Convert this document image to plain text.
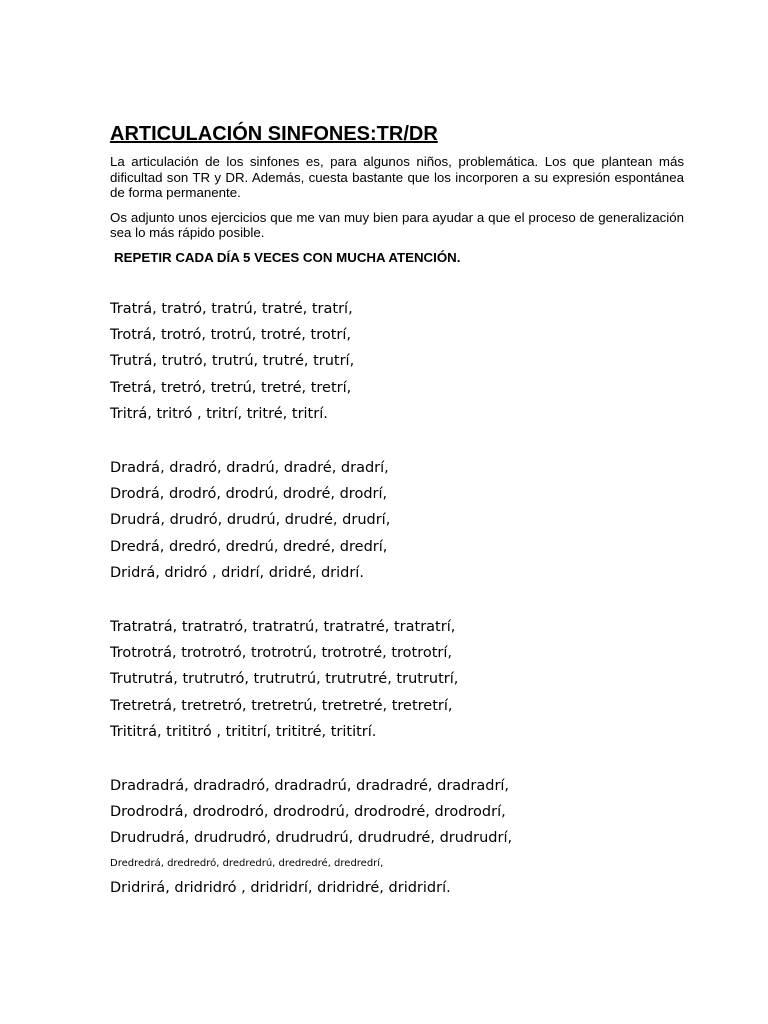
ARTICULACIÓN SINFONES:TR/DR

La articulación de los sinfones es, para algunos niños, problemática. Los que plantean más dificultad son TR y DR. Además, cuesta bastante que los incorporen a su expresión espontánea de forma permanente.

Os adjunto unos ejercicios que me van muy bien para ayudar a que el proceso de generalización sea lo más rápido posible.

REPETIR CADA DÍA 5 VECES CON MUCHA ATENCIÓN.
Tratrá, tratró, tratrú, tratré, tratrí,
Trotrá, trotró, trotrú, trotré, trotrí,
Trutrá, trutró, trutrú, trutré, trutrí,
Tretrá, tretró, tretrú, tretré, tretrí,
Tritrá, tritró , tritrí, tritré, tritrí.
Dradrá, dradró, dradrú, dradré, dradrí,
Drodrá, drodró, drodrú, drodré, drodrí,
Drudrá, drudró, drudrú, drudré, drudrí,
Dredrá, dredró, dredrú, dredré, dredrí,
Dridrá, dridró , dridrí, dridré, dridrí.
Tratratrá, tratratró, tratratrú, tratratré, tratratrí,
Trotrotrá, trotrotró, trotrotrú, trotrotré, trotrotrí,
Trutrutrá, trutrutró, trutrutrú, trutrutré, trutrutrí,
Tretretrá, tretretró, tretretrú, tretretré, tretretrí,
Trititrá, trititró , trititrí, trititré, trititrí.
Dradradrá, dradradró, dradradrú, dradradré, dradradrí,
Drodrodrá, drodrodró, drodrodrú, drodrodré, drodrodrí,
Drudrudrá, drudrudró, drudrudrú, drudrudré, drudrudrí,
Dredredrá, dredredró, dredredrú, dredredré, dredredrí,
Dridrirá, dridridró , dridridrí, dridridré, dridridrí.
